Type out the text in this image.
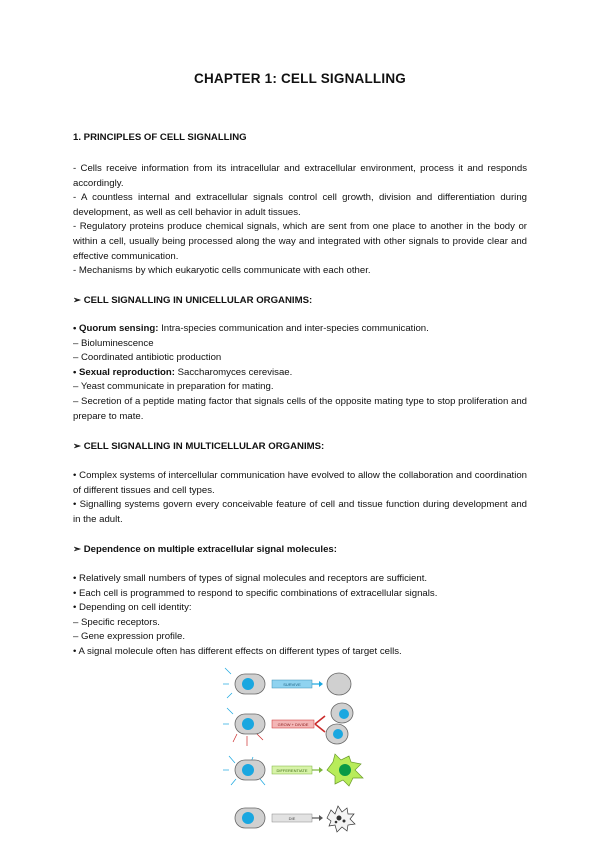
CHAPTER 1: CELL SIGNALLING
1. PRINCIPLES OF CELL SIGNALLING

- Cells receive information from its intracellular and extracellular environment, process it and responds accordingly.

- A countless internal and extracellular signals control cell growth, division and differentiation during development, as well as cell behavior in adult tissues.

- Regulatory proteins produce chemical signals, which are sent from one place to another in the body or within a cell, usually being processed along the way and integrated with other signals to provide clear and effective communication.

- Mechanisms by which eukaryotic cells communicate with each other.

➢ CELL SIGNALLING IN UNICELLULAR ORGANIMS:

• Quorum sensing: Intra-species communication and inter-species communication.

– Bioluminescence

– Coordinated antibiotic production

• Sexual reproduction: Saccharomyces cerevisae.

– Yeast communicate in preparation for mating.

– Secretion of a peptide mating factor that signals cells of the opposite mating type to stop proliferation and prepare to mate.

➢ CELL SIGNALLING IN MULTICELLULAR ORGANIMS:

• Complex systems of intercellular communication have evolved to allow the collaboration and coordination of different tissues and cell types.

• Signalling systems govern every conceivable feature of cell and tissue function during development and in the adult.

➣ Dependence on multiple extracellular signal molecules:

• Relatively small numbers of types of signal molecules and receptors are sufficient.

• Each cell is programmed to respond to specific combinations of extracellular signals.

• Depending on cell identity:

– Specific receptors.

– Gene expression profile.

• A signal molecule often has different effects on different types of target cells.

SURVIVE
GROW + DIVIDE
DIFFERENTIATE
DIE
